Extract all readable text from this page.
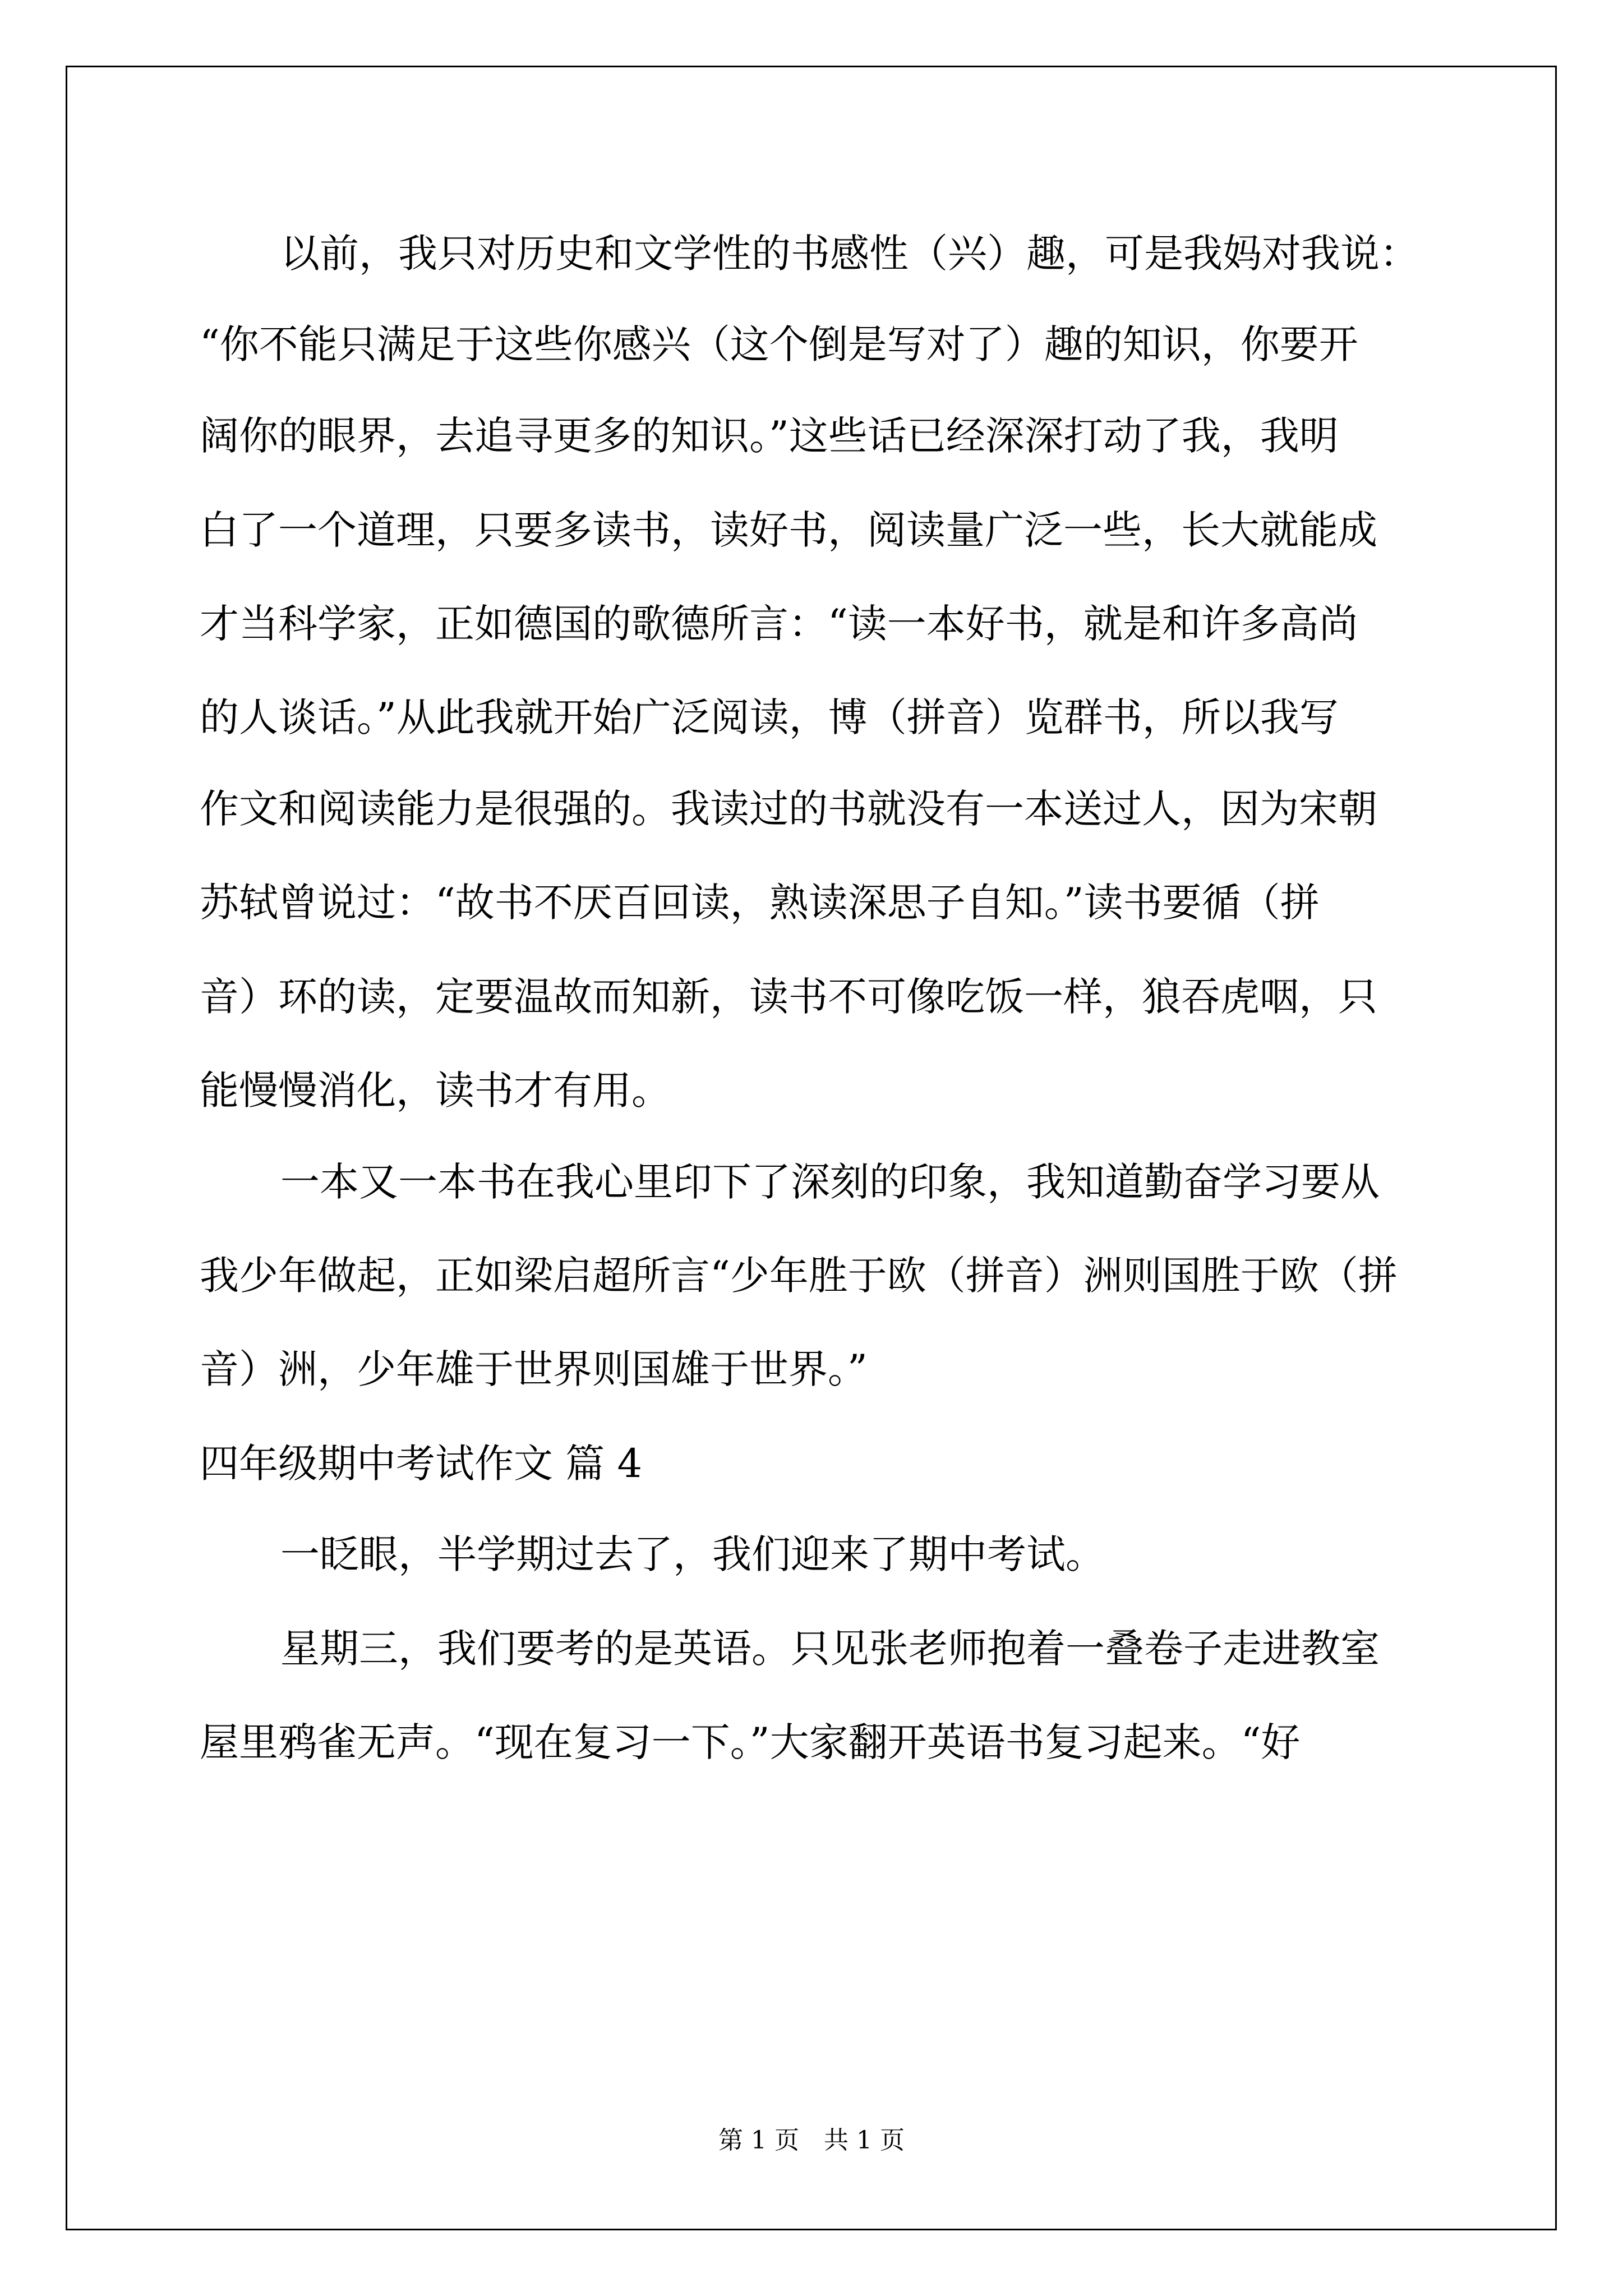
以前，我只对历史和文学性的书感性（兴）趣，可是我妈对我说：
“你不能只满足于这些你感兴（这个倒是写对了）趣的知识，你要开
阔你的眼界，去追寻更多的知识。”这些话已经深深打动了我，我明
白了一个道理，只要多读书，读好书，阅读量广泛一些，长大就能成
才当科学家，正如德国的歌德所言：“读一本好书，就是和许多高尚
的人谈话。”从此我就开始广泛阅读，博（拼音）览群书，所以我写
作文和阅读能力是很强的。我读过的书就没有一本送过人，因为宋朝
苏轼曾说过：“故书不厌百回读，熟读深思子自知。”读书要循（拼
音）环的读，定要温故而知新，读书不可像吃饭一样，狼吞虎咽，只
能慢慢消化，读书才有用。
一本又一本书在我心里印下了深刻的印象，我知道勤奋学习要从
我少年做起，正如梁启超所言“少年胜于欧（拼音）洲则国胜于欧（拼
音）洲，少年雄于世界则国雄于世界。”
四年级期中考试作文 篇 4
一眨眼，半学期过去了，我们迎来了期中考试。
星期三，我们要考的是英语。只见张老师抱着一叠卷子走进教室
屋里鸦雀无声。“现在复习一下。”大家翻开英语书复习起来。“好
第 1 页　共 1 页
